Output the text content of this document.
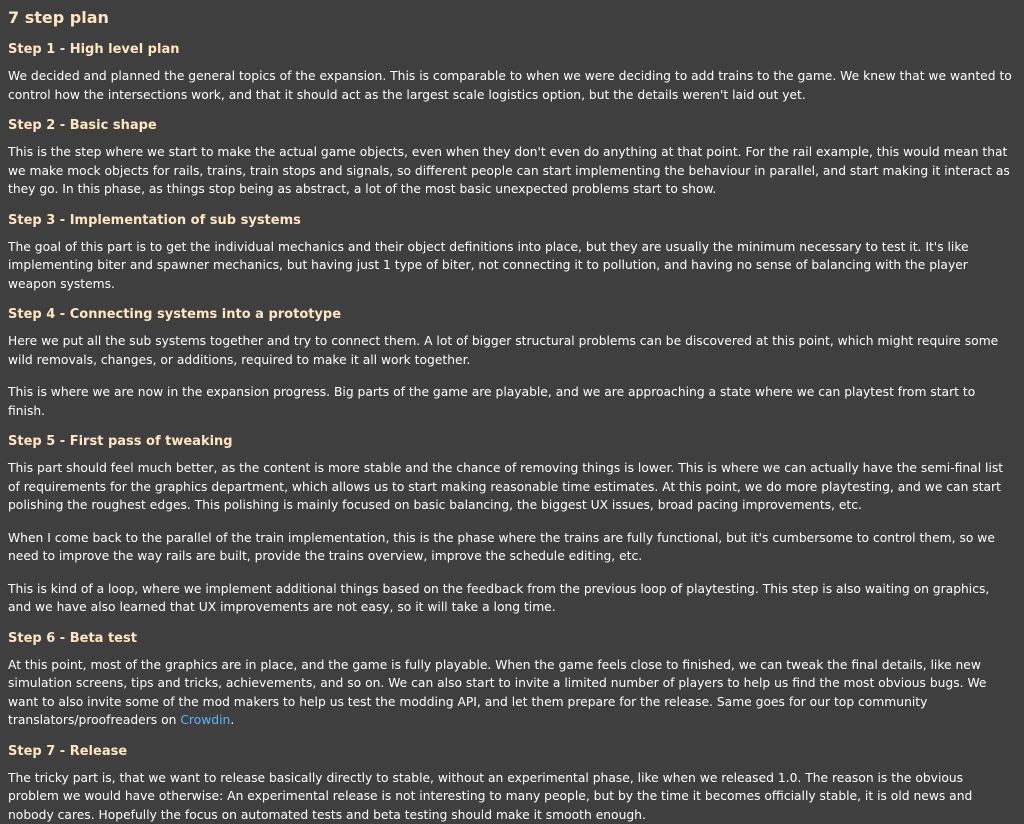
7 step plan
Step 1 - High level plan

We decided and planned the general topics of the expansion. This is comparable to when we were deciding to add trains to the game. We knew that we wanted to control how the intersections work, and that it should act as the largest scale logistics option, but the details weren't laid out yet.

Step 2 - Basic shape

This is the step where we start to make the actual game objects, even when they don't even do anything at that point. For the rail example, this would mean that we make mock objects for rails, trains, train stops and signals, so different people can start implementing the behaviour in parallel, and start making it interact as they go. In this phase, as things stop being as abstract, a lot of the most basic unexpected problems start to show.

Step 3 - Implementation of sub systems

The goal of this part is to get the individual mechanics and their object definitions into place, but they are usually the minimum necessary to test it. It's like implementing biter and spawner mechanics, but having just 1 type of biter, not connecting it to pollution, and having no sense of balancing with the player weapon systems.

Step 4 - Connecting systems into a prototype

Here we put all the sub systems together and try to connect them. A lot of bigger structural problems can be discovered at this point, which might require some wild removals, changes, or additions, required to make it all work together.

This is where we are now in the expansion progress. Big parts of the game are playable, and we are approaching a state where we can playtest from start to finish.

Step 5 - First pass of tweaking

This part should feel much better, as the content is more stable and the chance of removing things is lower. This is where we can actually have the semi-final list of requirements for the graphics department, which allows us to start making reasonable time estimates. At this point, we do more playtesting, and we can start polishing the roughest edges. This polishing is mainly focused on basic balancing, the biggest UX issues, broad pacing improvements, etc.

When I come back to the parallel of the train implementation, this is the phase where the trains are fully functional, but it's cumbersome to control them, so we need to improve the way rails are built, provide the trains overview, improve the schedule editing, etc.

This is kind of a loop, where we implement additional things based on the feedback from the previous loop of playtesting. This step is also waiting on graphics, and we have also learned that UX improvements are not easy, so it will take a long time.

Step 6 - Beta test

At this point, most of the graphics are in place, and the game is fully playable. When the game feels close to finished, we can tweak the final details, like new simulation screens, tips and tricks, achievements, and so on. We can also start to invite a limited number of players to help us find the most obvious bugs. We want to also invite some of the mod makers to help us test the modding API, and let them prepare for the release. Same goes for our top community translators/proofreaders on Crowdin.

Step 7 - Release

The tricky part is, that we want to release basically directly to stable, without an experimental phase, like when we released 1.0. The reason is the obvious problem we would have otherwise: An experimental release is not interesting to many people, but by the time it becomes officially stable, it is old news and nobody cares. Hopefully the focus on automated tests and beta testing should make it smooth enough.
